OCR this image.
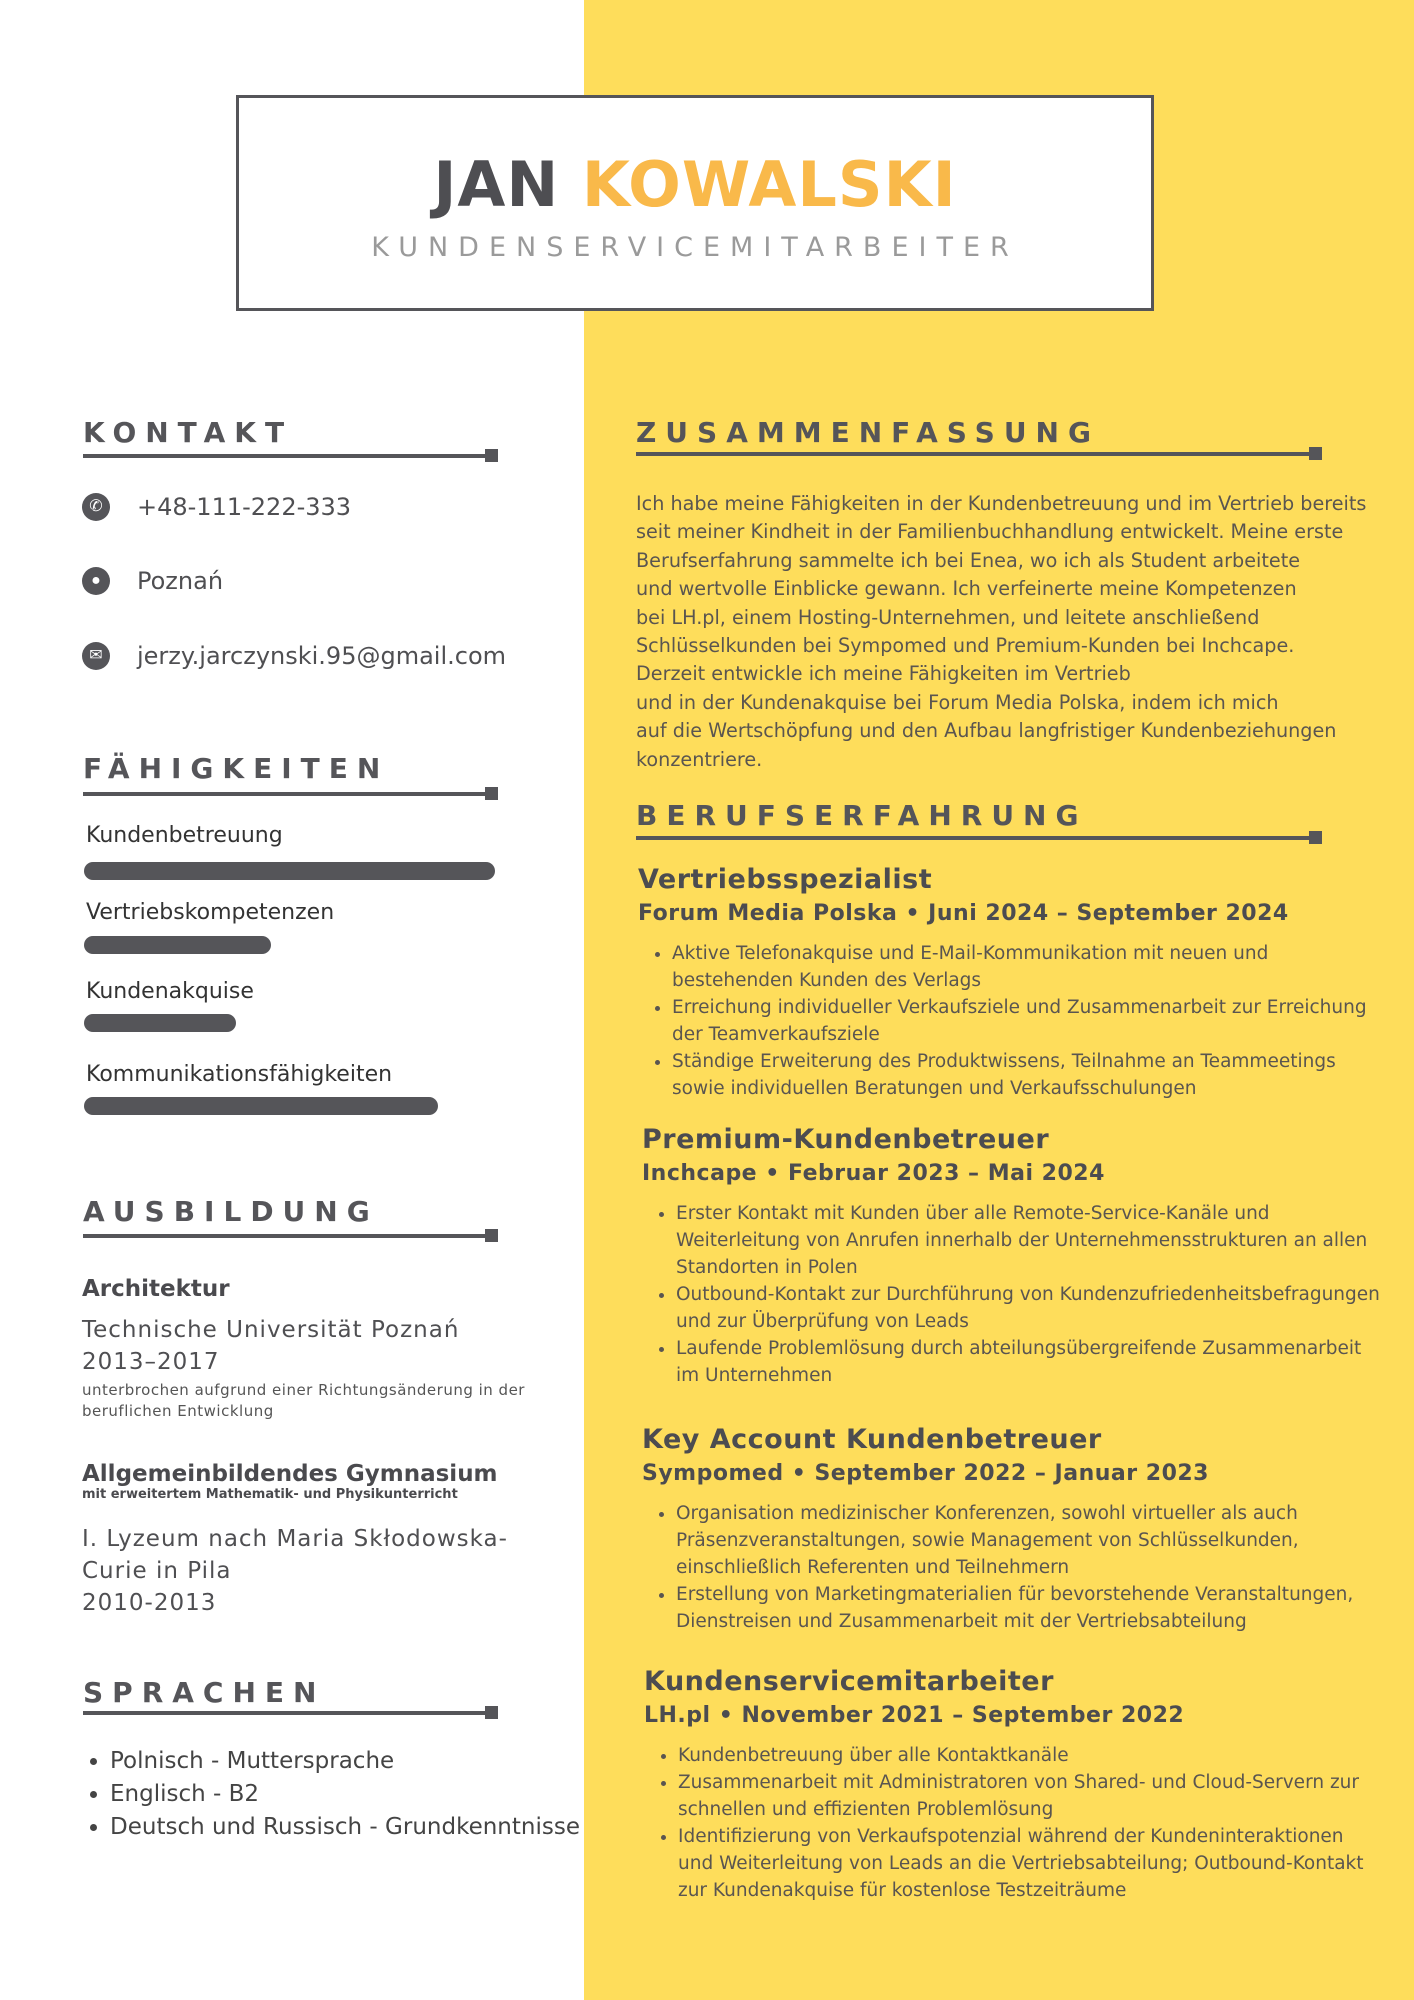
JAN KOWALSKI
KUNDENSERVICEMITARBEITER
KONTAKT
✆	+48-111-222-333
●	Poznań
✉	jerzy.jarczynski.95@gmail.com
FÄHIGKEITEN
Kundenbetreuung
Vertriebskompetenzen
Kundenakquise
Kommunikationsfähigkeiten
AUSBILDUNG
Architektur
Technische Universität Poznań
2013–2017
unterbrochen aufgrund einer Richtungsänderung in der beruflichen Entwicklung
Allgemeinbildendes Gymnasium
mit erweitertem Mathematik- und Physikunterricht
I. Lyzeum nach Maria Skłodowska-Curie in Pila
2010-2013
SPRACHEN
• Polnisch - Muttersprache
• Englisch - B2
• Deutsch und Russisch - Grundkenntnisse
ZUSAMMENFASSUNG
Ich habe meine Fähigkeiten in der Kundenbetreuung und im Vertrieb bereits
seit meiner Kindheit in der Familienbuchhandlung entwickelt. Meine erste
Berufserfahrung sammelte ich bei Enea, wo ich als Student arbeitete
und wertvolle Einblicke gewann. Ich verfeinerte meine Kompetenzen
bei LH.pl, einem Hosting-Unternehmen, und leitete anschließend
Schlüsselkunden bei Sympomed und Premium-Kunden bei Inchcape.
Derzeit entwickle ich meine Fähigkeiten im Vertrieb
und in der Kundenakquise bei Forum Media Polska, indem ich mich
auf die Wertschöpfung und den Aufbau langfristiger Kundenbeziehungen
konzentriere.
BERUFSERFAHRUNG
Vertriebsspezialist
Forum Media Polska • Juni 2024 – September 2024
• Aktive Telefonakquise und E-Mail-Kommunikation mit neuen und bestehenden Kunden des Verlags
• Erreichung individueller Verkaufsziele und Zusammenarbeit zur Erreichung der Teamverkaufsziele
• Ständige Erweiterung des Produktwissens, Teilnahme an Teammeetings sowie individuellen Beratungen und Verkaufsschulungen
Premium-Kundenbetreuer
Inchcape • Februar 2023 – Mai 2024
• Erster Kontakt mit Kunden über alle Remote-Service-Kanäle und Weiterleitung von Anrufen innerhalb der Unternehmensstrukturen an allen Standorten in Polen
• Outbound-Kontakt zur Durchführung von Kundenzufriedenheitsbefragungen und zur Überprüfung von Leads
• Laufende Problemlösung durch abteilungsübergreifende Zusammenarbeit im Unternehmen
Key Account Kundenbetreuer
Sympomed • September 2022 – Januar 2023
• Organisation medizinischer Konferenzen, sowohl virtueller als auch Präsenzveranstaltungen, sowie Management von Schlüsselkunden, einschließlich Referenten und Teilnehmern
• Erstellung von Marketingmaterialien für bevorstehende Veranstaltungen, Dienstreisen und Zusammenarbeit mit der Vertriebsabteilung
Kundenservicemitarbeiter
LH.pl • November 2021 – September 2022
• Kundenbetreuung über alle Kontaktkanäle
• Zusammenarbeit mit Administratoren von Shared- und Cloud-Servern zur schnellen und effizienten Problemlösung
• Identifizierung von Verkaufspotenzial während der Kundeninteraktionen und Weiterleitung von Leads an die Vertriebsabteilung; Outbound-Kontakt zur Kundenakquise für kostenlose Testzeiträume
